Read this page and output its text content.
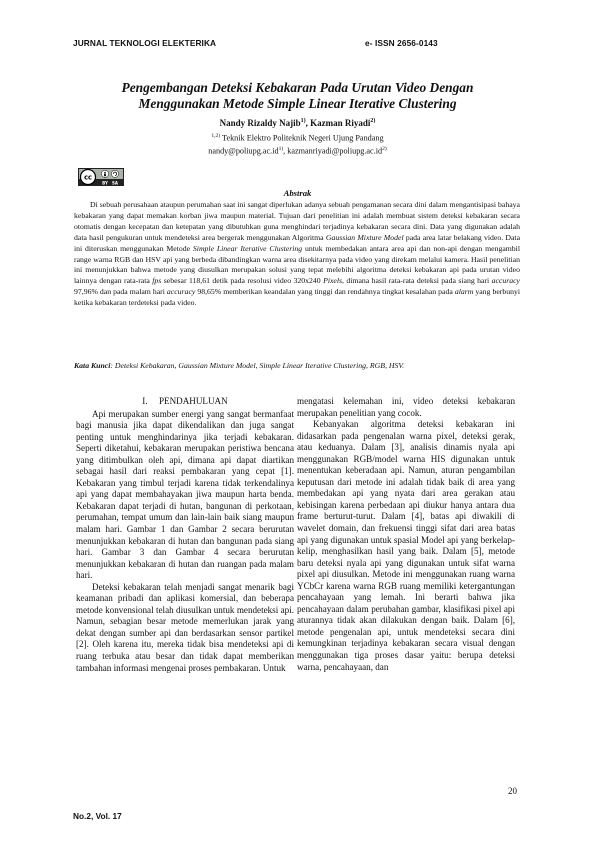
JURNAL TEKNOLOGI ELEKTERIKA	e- ISSN 2656-0143
Pengembangan Deteksi Kebakaran Pada Urutan Video Dengan
Menggunakan Metode Simple Linear Iterative Clustering
Nandy Rizaldy Najib$^{1)}$, Kazman Riyadi$^{2)}$
$^{1,2)}$ Teknik Elektro Politeknik Negeri Ujung Pandang
$nandy@poliupg.ac.id^{1)}$, $kazmanriyadi@poliupg.ac.id^{2)}$
cc
BY SA
Abstrak

Di sebuah perusahaan ataupun perumahan saat ini sangat diperlukan adanya sebuah pengamanan secara dini dalam mengantisipasi bahaya kebakaran yang dapat memakan korban jiwa maupun material. Tujuan dari penelitian ini adalah membuat sistem deteksi kebakaran secara otomatis dengan kecepatan dan ketepatan yang dibutuhkan guna menghindari terjadinya kebakaran secara dini. Data yang digunakan adalah data hasil pengukuran untuk mendeteksi area bergerak menggunakan Algoritma Gaussian Mixture Model pada area latar belakang video. Data ini diteruskan menggunakan Metode Simple Linear Iterative Clustering untuk membedakan antara area api dan non-api dengan mengambil range warna RGB dan HSV api yang berbeda dibandingkan warna area disekitarnya pada video yang direkam melalui kamera. Hasil penelitian ini menunjukkan bahwa metode yang diusulkan merupakan solusi yang tepat melebihi algoritma deteksi kebakaran api pada urutan video lainnya dengan rata-rata fps sebesar 118,61 detik pada resolusi video 320x240 Pixels, dimana hasil rata-rata deteksi pada siang hari accuracy 97,96% dan pada malam hari accuracy 98,65% memberikan keandalan yang tinggi dan rendahnya tingkat kesalahan pada alarm yang berbunyi ketika kebakaran terdeteksi pada video.

Kata Kunci: Deteksi Kebakaran, Gaussian Mixture Model, Simple Linear Iterative Clustering, RGB, HSV.
I. PENDAHULUAN

Api merupakan sumber energi yang sangat bermanfaat bagi manusia jika dapat dikendalikan dan juga sangat penting untuk menghindarinya jika terjadi kebakaran. Seperti diketahui, kebakaran merupakan peristiwa bencana yang ditimbulkan oleh api, dimana api dapat diartikan sebagai hasil dari reaksi pembakaran yang cepat [1]. Kebakaran yang timbul terjadi karena tidak terkendalinya api yang dapat membahayakan jiwa maupun harta benda. Kebakaran dapat terjadi di hutan, bangunan di perkotaan, perumahan, tempat umum dan lain-lain baik siang maupun malam hari. Gambar 1 dan Gambar 2 secara berurutan menunjukkan kebakaran di hutan dan bangunan pada siang hari. Gambar 3 dan Gambar 4 secara berurutan menunjukkan kebakaran di hutan dan ruangan pada malam hari.

Deteksi kebakaran telah menjadi sangat menarik bagi keamanan pribadi dan aplikasi komersial, dan beberapa metode konvensional telah diusulkan untuk mendeteksi api. Namun, sebagian besar metode memerlukan jarak yang dekat dengan sumber api dan berdasarkan sensor partikel [2]. Oleh karena itu, mereka tidak bisa mendeteksi api di ruang terbuka atau besar dan tidak dapat memberikan tambahan informasi mengenai proses pembakaran. Untuk

mengatasi kelemahan ini, video deteksi kebakaran merupakan penelitian yang cocok.

Kebanyakan algoritma deteksi kebakaran ini didasarkan pada pengenalan warna pixel, deteksi gerak, atau keduanya. Dalam [3], analisis dinamis nyala api menggunakan RGB/model warna HIS digunakan untuk menentukan keberadaan api. Namun, aturan pengambilan keputusan dari metode ini adalah tidak baik di area yang membedakan api yang nyata dari area gerakan atau kebisingan karena perbedaan api diukur hanya antara dua frame berturut-turut. Dalam [4], batas api diwakili di wavelet domain, dan frekuensi tinggi sifat dari area batas api yang digunakan untuk spasial Model api yang berkelap-kelip, menghasilkan hasil yang baik. Dalam [5], metode baru deteksi nyala api yang digunakan untuk sifat warna pixel api diusulkan. Metode ini menggunakan ruang warna YCbCr karena warna RGB ruang memiliki ketergantungan pencahayaan yang lemah. Ini berarti bahwa jika pencahayaan dalam perubahan gambar, klasifikasi pixel api aturannya tidak akan dilakukan dengan baik. Dalam [6], metode pengenalan api, untuk mendeteksi secara dini kemungkinan terjadinya kebakaran secara visual dengan menggunakan tiga proses dasar yaitu: berupa deteksi warna, pencahayaan, dan

20
No.2, Vol. 17
